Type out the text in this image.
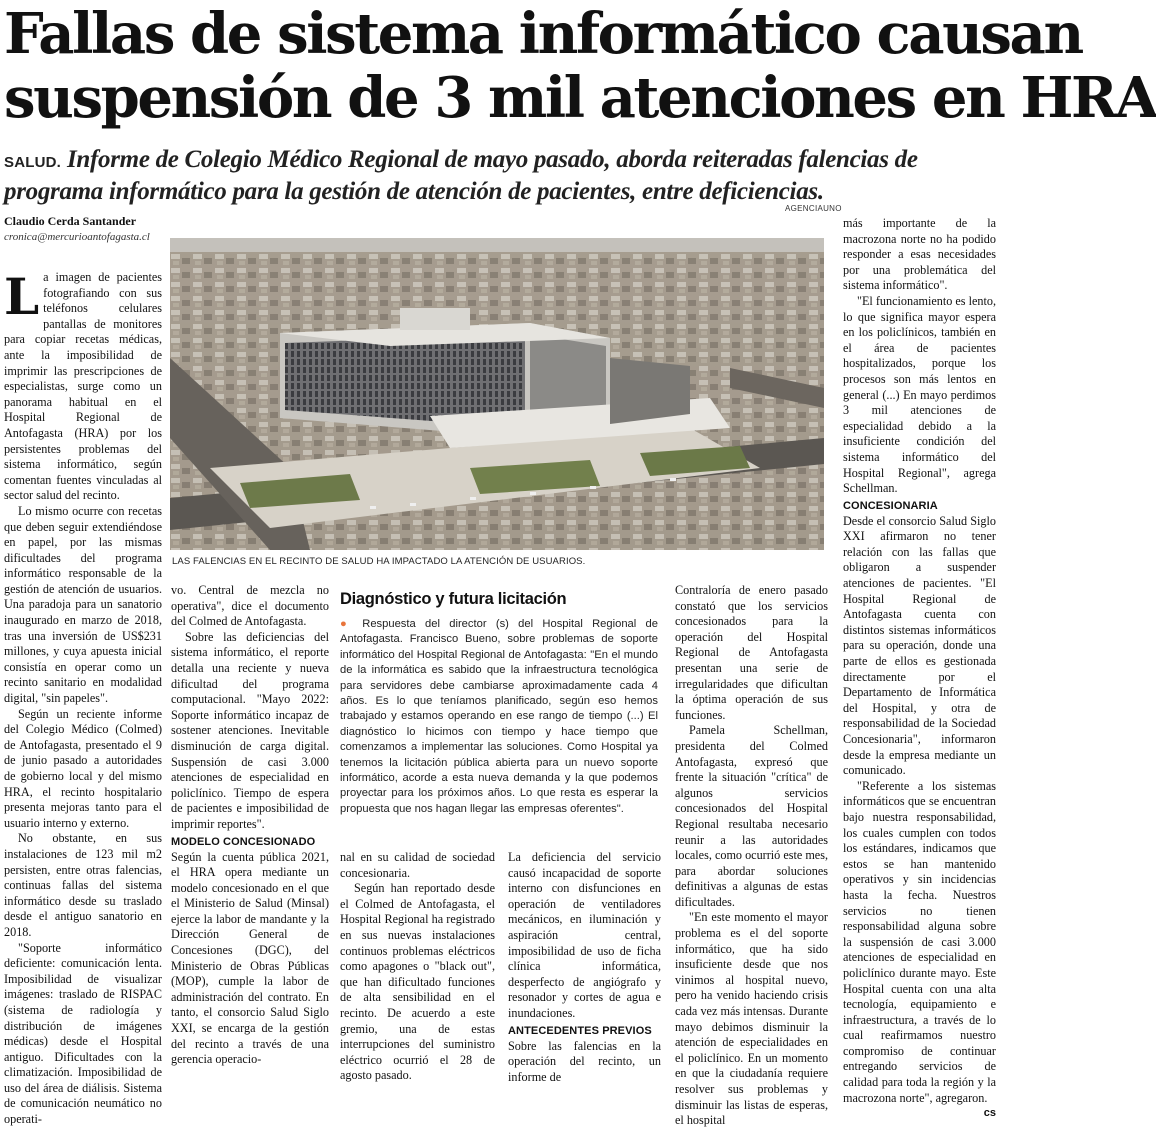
Fallas de sistema informático causan
suspensión de 3 mil atenciones en HRA

SALUD. Informe de Colegio Médico Regional de mayo pasado, aborda reiteradas falencias de programa informático para la gestión de atención de pacientes, entre deficiencias.

AGENCIAUNO
Claudio Cerda Santander
cronica@mercurioantofagasta.cl
LAS FALENCIAS EN EL RECINTO DE SALUD HA IMPACTADO LA ATENCIÓN DE USUARIOS.

La imagen de pacientes fotografiando con sus teléfonos celulares pantallas de monitores para copiar recetas médicas, ante la imposibilidad de imprimir las prescripciones de especialistas, surge como un panorama habitual en el Hospital Regional de Antofagasta (HRA) por los persistentes problemas del sistema informático, según comentan fuentes vinculadas al sector salud del recinto.

Lo mismo ocurre con recetas que deben seguir extendiéndose en papel, por las mismas dificultades del programa informático responsable de la gestión de atención de usuarios. Una paradoja para un sanatorio inaugurado en marzo de 2018, tras una inversión de US$231 millones, y cuya apuesta inicial consistía en operar como un recinto sanitario en modalidad digital, "sin papeles".

Según un reciente informe del Colegio Médico (Colmed) de Antofagasta, presentado el 9 de junio pasado a autoridades de gobierno local y del mismo HRA, el recinto hospitalario presenta mejoras tanto para el usuario interno y externo.

No obstante, en sus instalaciones de 123 mil m2 persisten, entre otras falencias, continuas fallas del sistema informático desde su traslado desde el antiguo sanatorio en 2018.

"Soporte informático deficiente: comunicación lenta. Imposibilidad de visualizar imágenes: traslado de RISPAC (sistema de radiología y distribución de imágenes médicas) desde el Hospital antiguo. Dificultades con la climatización. Imposibilidad de uso del área de diálisis. Sistema de comunicación neumático no operati-

vo. Central de mezcla no operativa", dice el documento del Colmed de Antofagasta.

Sobre las deficiencias del sistema informático, el reporte detalla una reciente y nueva dificultad del programa computacional. "Mayo 2022: Soporte informático incapaz de sostener atenciones. Inevitable disminución de carga digital. Suspensión de casi 3.000 atenciones de especialidad en policlínico. Tiempo de espera de pacientes e imposibilidad de imprimir reportes".

MODELO CONCESIONADO

Según la cuenta pública 2021, el HRA opera mediante un modelo concesionado en el que el Ministerio de Salud (Minsal) ejerce la labor de mandante y la Dirección General de Concesiones (DGC), del Ministerio de Obras Públicas (MOP), cumple la labor de administración del contrato. En tanto, el consorcio Salud Siglo XXI, se encarga de la gestión del recinto a través de una gerencia operacio-

Diagnóstico y futura licitación
● Respuesta del director (s) del Hospital Regional de Antofagasta. Francisco Bueno, sobre problemas de soporte informático del Hospital Regional de Antofagasta: "En el mundo de la informática es sabido que la infraestructura tecnológica para servidores debe cambiarse aproximadamente cada 4 años. Es lo que teníamos planificado, según eso hemos trabajado y estamos operando en ese rango de tiempo (...) El diagnóstico lo hicimos con tiempo y hace tiempo que comenzamos a implementar las soluciones. Como Hospital ya tenemos la licitación pública abierta para un nuevo soporte informático, acorde a esta nueva demanda y la que podemos proyectar para los próximos años. Lo que resta es esperar la propuesta que nos hagan llegar las empresas oferentes".

nal en su calidad de sociedad concesionaria.

Según han reportado desde el Colmed de Antofagasta, el Hospital Regional ha registrado en sus nuevas instalaciones continuos problemas eléctricos como apagones o "black out", que han dificultado funciones de alta sensibilidad en el recinto. De acuerdo a este gremio, una de estas interrupciones del suministro eléctrico ocurrió el 28 de agosto pasado.

La deficiencia del servicio causó incapacidad de soporte interno con disfunciones en operación de ventiladores mecánicos, en iluminación y aspiración central, imposibilidad de uso de ficha clínica informática, desperfecto de angiógrafo y resonador y cortes de agua e inundaciones.

ANTECEDENTES PREVIOS

Sobre las falencias en la operación del recinto, un informe de

Contraloría de enero pasado constató que los servicios concesionados para la operación del Hospital Regional de Antofagasta presentan una serie de irregularidades que dificultan la óptima operación de sus funciones.

Pamela Schellman, presidenta del Colmed Antofagasta, expresó que frente la situación "crítica" de algunos servicios concesionados del Hospital Regional resultaba necesario reunir a las autoridades locales, como ocurrió este mes, para abordar soluciones definitivas a algunas de estas dificultades.

"En este momento el mayor problema es el del soporte informático, que ha sido insuficiente desde que nos vinimos al hospital nuevo, pero ha venido haciendo crisis cada vez más intensas. Durante mayo debimos disminuir la atención de especialidades en el policlínico. En un momento en que la ciudadanía requiere resolver sus problemas y disminuir las listas de esperas, el hospital

más importante de la macrozona norte no ha podido responder a esas necesidades por una problemática del sistema informático".

"El funcionamiento es lento, lo que significa mayor espera en los policlínicos, también en el área de pacientes hospitalizados, porque los procesos son más lentos en general (...) En mayo perdimos 3 mil atenciones de especialidad debido a la insuficiente condición del sistema informático del Hospital Regional", agrega Schellman.

CONCESIONARIA

Desde el consorcio Salud Siglo XXI afirmaron no tener relación con las fallas que obligaron a suspender atenciones de pacientes. "El Hospital Regional de Antofagasta cuenta con distintos sistemas informáticos para su operación, donde una parte de ellos es gestionada directamente por el Departamento de Informática del Hospital, y otra de responsabilidad de la Sociedad Concesionaria", informaron desde la empresa mediante un comunicado.

"Referente a los sistemas informáticos que se encuentran bajo nuestra responsabilidad, los cuales cumplen con todos los estándares, indicamos que estos se han mantenido operativos y sin incidencias hasta la fecha. Nuestros servicios no tienen responsabilidad alguna sobre la suspensión de casi 3.000 atenciones de especialidad en policlínico durante mayo. Este Hospital cuenta con una alta tecnología, equipamiento e infraestructura, a través de lo cual reafirmamos nuestro compromiso de continuar entregando servicios de calidad para toda la región y la macrozona norte", agregaron.
cs
